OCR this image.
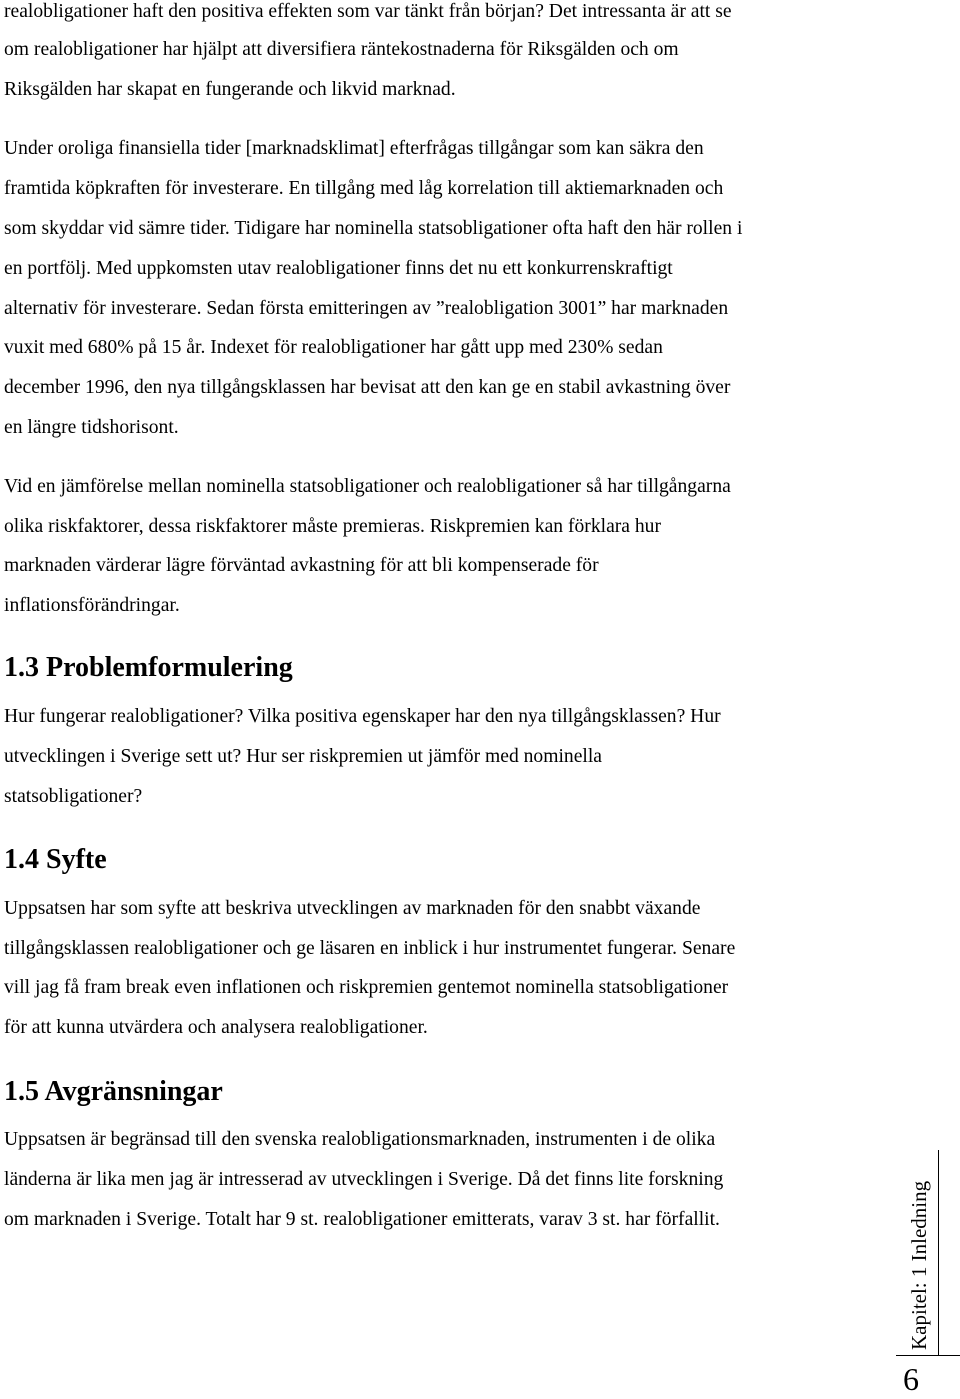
realobligationer haft den positiva effekten som var tänkt från början? Det intressanta är att se
om realobligationer har hjälpt att diversifiera räntekostnaderna för Riksgälden och om
Riksgälden har skapat en fungerande och likvid marknad.
Under oroliga finansiella tider [marknadsklimat] efterfrågas tillgångar som kan säkra den
framtida köpkraften för investerare. En tillgång med låg korrelation till aktiemarknaden och
som skyddar vid sämre tider. Tidigare har nominella statsobligationer ofta haft den här rollen i
en portfölj. Med uppkomsten utav realobligationer finns det nu ett konkurrenskraftigt
alternativ för investerare. Sedan första emitteringen av ”realobligation 3001” har marknaden
vuxit med 680% på 15 år. Indexet för realobligationer har gått upp med 230% sedan
december 1996, den nya tillgångsklassen har bevisat att den kan ge en stabil avkastning över
en längre tidshorisont.
Vid en jämförelse mellan nominella statsobligationer och realobligationer så har tillgångarna
olika riskfaktorer, dessa riskfaktorer måste premieras. Riskpremien kan förklara hur
marknaden värderar lägre förväntad avkastning för att bli kompenserade för
inflationsförändringar.
1.3 Problemformulering
Hur fungerar realobligationer? Vilka positiva egenskaper har den nya tillgångsklassen? Hur
utvecklingen i Sverige sett ut? Hur ser riskpremien ut jämför med nominella
statsobligationer?
1.4 Syfte
Uppsatsen har som syfte att beskriva utvecklingen av marknaden för den snabbt växande
tillgångsklassen realobligationer och ge läsaren en inblick i hur instrumentet fungerar. Senare
vill jag få fram break even inflationen och riskpremien gentemot nominella statsobligationer
för att kunna utvärdera och analysera realobligationer.
1.5 Avgränsningar
Uppsatsen är begränsad till den svenska realobligationsmarknaden, instrumenten i de olika
länderna är lika men jag är intresserad av utvecklingen i Sverige. Då det finns lite forskning
om marknaden i Sverige. Totalt har 9 st. realobligationer emitterats, varav 3 st. har förfallit.	Kapitel: 1 Inledning
6
